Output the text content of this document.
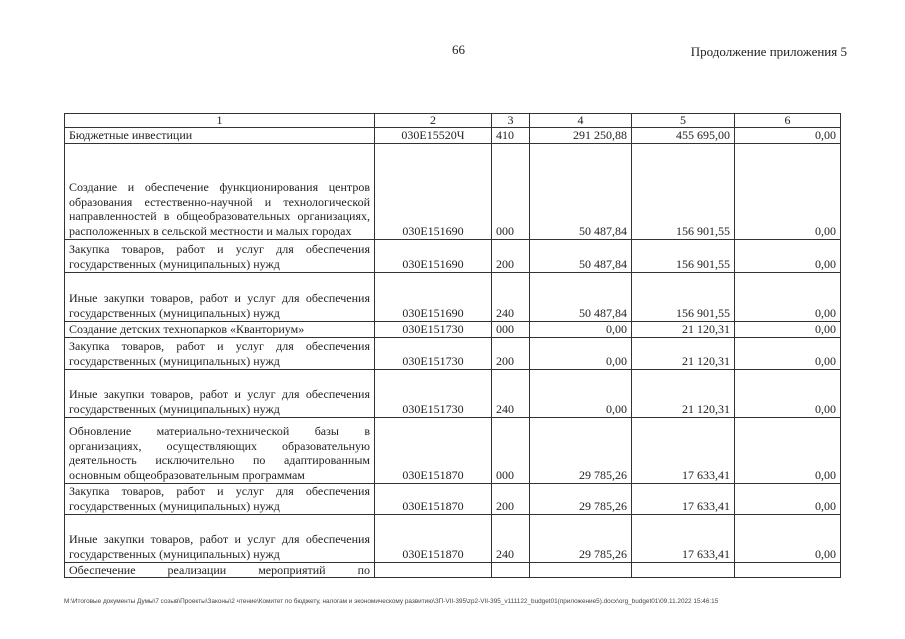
66	Продолжение приложения 5
1	2	3	4	5	6
Бюджетные инвестиции	030E15520Ч	410	291 250,88	455 695,00	0,00
Создание и обеспечение функционирования центров образования естественно-научной и технологической направленностей в общеобразовательных организациях, расположенных в сельской местности и малых городах	030E151690	000	50 487,84	156 901,55	0,00
Закупка товаров, работ и услуг для обеспечения государственных (муниципальных) нужд	030E151690	200	50 487,84	156 901,55	0,00
Иные закупки товаров, работ и услуг для обеспечения государственных (муниципальных) нужд	030E151690	240	50 487,84	156 901,55	0,00
Создание детских технопарков «Кванториум»	030E151730	000	0,00	21 120,31	0,00
Закупка товаров, работ и услуг для обеспечения государственных (муниципальных) нужд	030E151730	200	0,00	21 120,31	0,00
Иные закупки товаров, работ и услуг для обеспечения государственных (муниципальных) нужд	030E151730	240	0,00	21 120,31	0,00
Обновление материально-технической базы в организациях, осуществляющих образовательную деятельность исключительно по адаптированным основным общеобразовательным программам	030E151870	000	29 785,26	17 633,41	0,00
Закупка товаров, работ и услуг для обеспечения государственных (муниципальных) нужд	030E151870	200	29 785,26	17 633,41	0,00
Иные закупки товаров, работ и услуг для обеспечения государственных (муниципальных) нужд	030E151870	240	29 785,26	17 633,41	0,00
Обеспечение реализации мероприятий по					
M:\Итоговые документы Думы\7 созыв\Проекты\Законы\2 чтение\Комитет по бюджету, налогам и экономическому развитию\ЗП-VII-395\zp2-VII-395_v111122_budget01(приложение5).docx\org_budget01\09.11.2022 15:46:15
